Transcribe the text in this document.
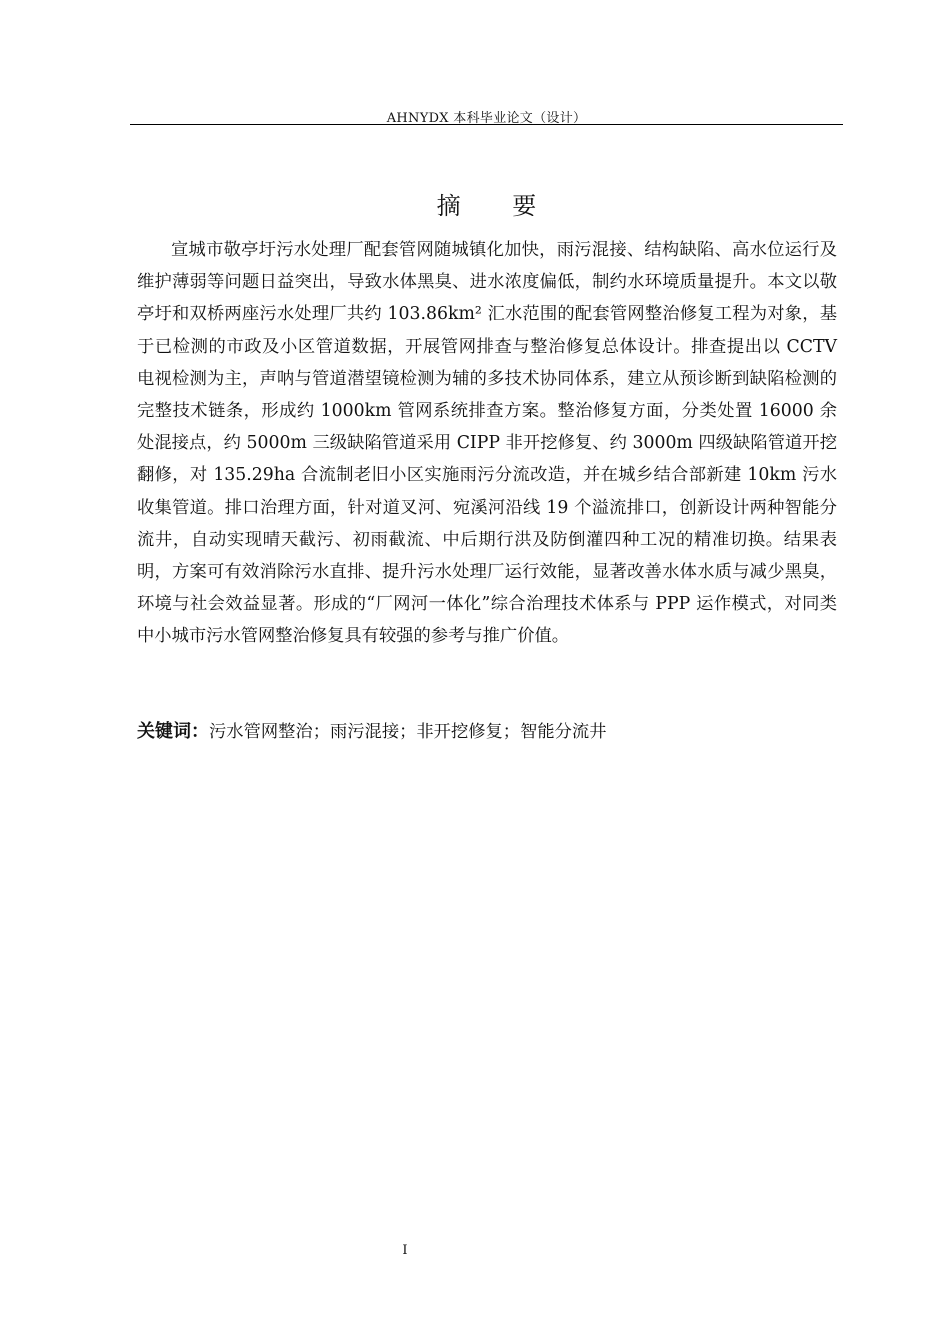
AHNYDX 本科毕业论文（设计）
摘 要

宣城市敬亭圩污水处理厂配套管网随城镇化加快，雨污混接、结构缺陷、高水位运行及维护薄弱等问题日益突出，导致水体黑臭、进水浓度偏低，制约水环境质量提升。本文以敬亭圩和双桥两座污水处理厂共约 103.86km² 汇水范围的配套管网整治修复工程为对象，基于已检测的市政及小区管道数据，开展管网排查与整治修复总体设计。排查提出以 CCTV 电视检测为主，声呐与管道潜望镜检测为辅的多技术协同体系，建立从预诊断到缺陷检测的完整技术链条，形成约 1000km 管网系统排查方案。整治修复方面，分类处置 16000 余处混接点，约 5000m 三级缺陷管道采用 CIPP 非开挖修复、约 3000m 四级缺陷管道开挖翻修，对 135.29ha 合流制老旧小区实施雨污分流改造，并在城乡结合部新建 10km 污水收集管道。排口治理方面，针对道叉河、宛溪河沿线 19 个溢流排口，创新设计两种智能分流井，自动实现晴天截污、初雨截流、中后期行洪及防倒灌四种工况的精准切换。结果表明，方案可有效消除污水直排、提升污水处理厂运行效能，显著改善水体水质与减少黑臭，环境与社会效益显著。形成的“厂网河一体化”综合治理技术体系与 PPP 运作模式，对同类中小城市污水管网整治修复具有较强的参考与推广价值。

关键词：污水管网整治；雨污混接；非开挖修复；智能分流井
I
